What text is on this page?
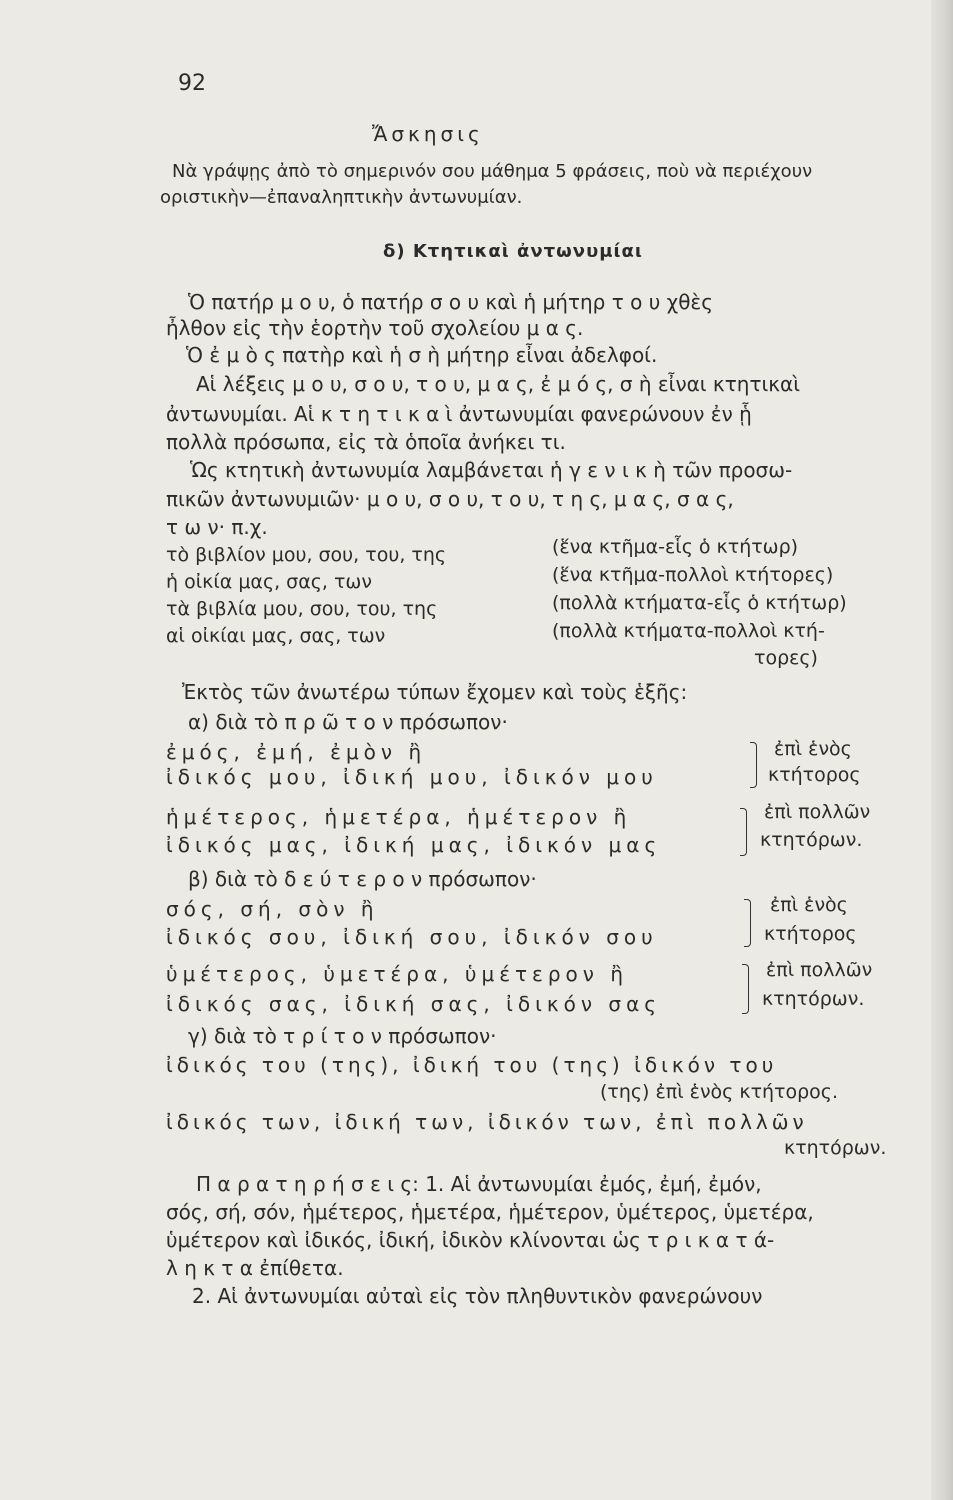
92
Ἄσκησις
Νὰ γράψῃς ἀπὸ τὸ σημερινόν σου μάθημα 5 φράσεις, ποὺ νὰ περιέχουν
οριστικὴν—ἐπαναληπτικὴν ἀντωνυμίαν.
δ) Κτητικαὶ ἀντωνυμίαι
Ὁ πατήρ μ ο υ, ὁ πατήρ σ ο υ καὶ ἡ μήτηρ τ ο υ χθὲς
ἦλθον εἰς τὴν ἑορτὴν τοῦ σχολείου μ α ς.
Ὁ ἐ μ ὸ ς πατὴρ καὶ ἡ σ ὴ μήτηρ εἶναι ἀδελφοί.
Αἱ λέξεις μ ο υ, σ ο υ, τ ο υ, μ α ς, ἐ μ ό ς, σ ὴ εἶναι κτητικαὶ
ἀντωνυμίαι. Αἱ κ τ η τ ι κ α ὶ ἀντωνυμίαι φανερώνουν ἐν ᾗ
πολλὰ πρόσωπα, εἰς τὰ ὁποῖα ἀνήκει τι.
Ὡς κτητικὴ ἀντωνυμία λαμβάνεται ἡ γ ε ν ι κ ὴ τῶν προσω-
πικῶν ἀντωνυμιῶν· μ ο υ, σ ο υ, τ ο υ, τ η ς, μ α ς, σ α ς,
τ ω ν· π.χ.
τὸ βιβλίον μου, σου, του, της	(ἕνα κτῆμα-εἷς ὁ κτήτωρ)
ἡ οἰκία μας, σας, των	(ἕνα κτῆμα-πολλοὶ κτήτορες)
τὰ βιβλία μου, σου, του, της	(πολλὰ κτήματα-εἷς ὁ κτήτωρ)
αἱ οἰκίαι μας, σας, των	(πολλὰ κτήματα-πολλοὶ κτή-
τορες)
Ἐκτὸς τῶν ἀνωτέρω τύπων ἔχομεν καὶ τοὺς ἑξῆς:
α) διὰ τὸ π ρ ῶ τ ο ν πρόσωπον·
ἐμός, ἐμή, ἐμὸν ἢ
ἰδικός μου, ἰδική μου, ἰδικόν μου
ἐπὶ ἑνὸς
κτήτορος
ἡμέτερος, ἡμετέρα, ἡμέτερον ἢ
ἰδικός μας, ἰδική μας, ἰδικόν μας
ἐπὶ πολλῶν
κτητόρων.
β) διὰ τὸ δ ε ύ τ ε ρ ο ν πρόσωπον·
σός, σή, σὸν ἢ
ἰδικός σου, ἰδική σου, ἰδικόν σου
ἐπὶ ἑνὸς
κτήτορος
ὑμέτερος, ὑμετέρα, ὑμέτερον ἢ
ἰδικός σας, ἰδική σας, ἰδικόν σας
ἐπὶ πολλῶν
κτητόρων.
γ) διὰ τὸ τ ρ ί τ ο ν πρόσωπον·
ἰδικός του (της), ἰδική του (της) ἰδικόν του
(της) ἐπὶ ἑνὸς κτήτορος.
ἰδικός των, ἰδική των, ἰδικόν των, ἐπὶ πολλῶν
κτητόρων.
Π α ρ α τ η ρ ή σ ε ι ς: 1. Αἱ ἀντωνυμίαι ἐμός, ἐμή, ἐμόν,
σός, σή, σόν, ἡμέτερος, ἡμετέρα, ἡμέτερον, ὑμέτερος, ὑμετέρα,
ὑμέτερον καὶ ἰδικός, ἰδική, ἰδικὸν κλίνονται ὡς τ ρ ι κ α τ ά-
λ η κ τ α ἐπίθετα.
2. Αἱ ἀντωνυμίαι αὐταὶ εἰς τὸν πληθυντικὸν φανερώνουν
